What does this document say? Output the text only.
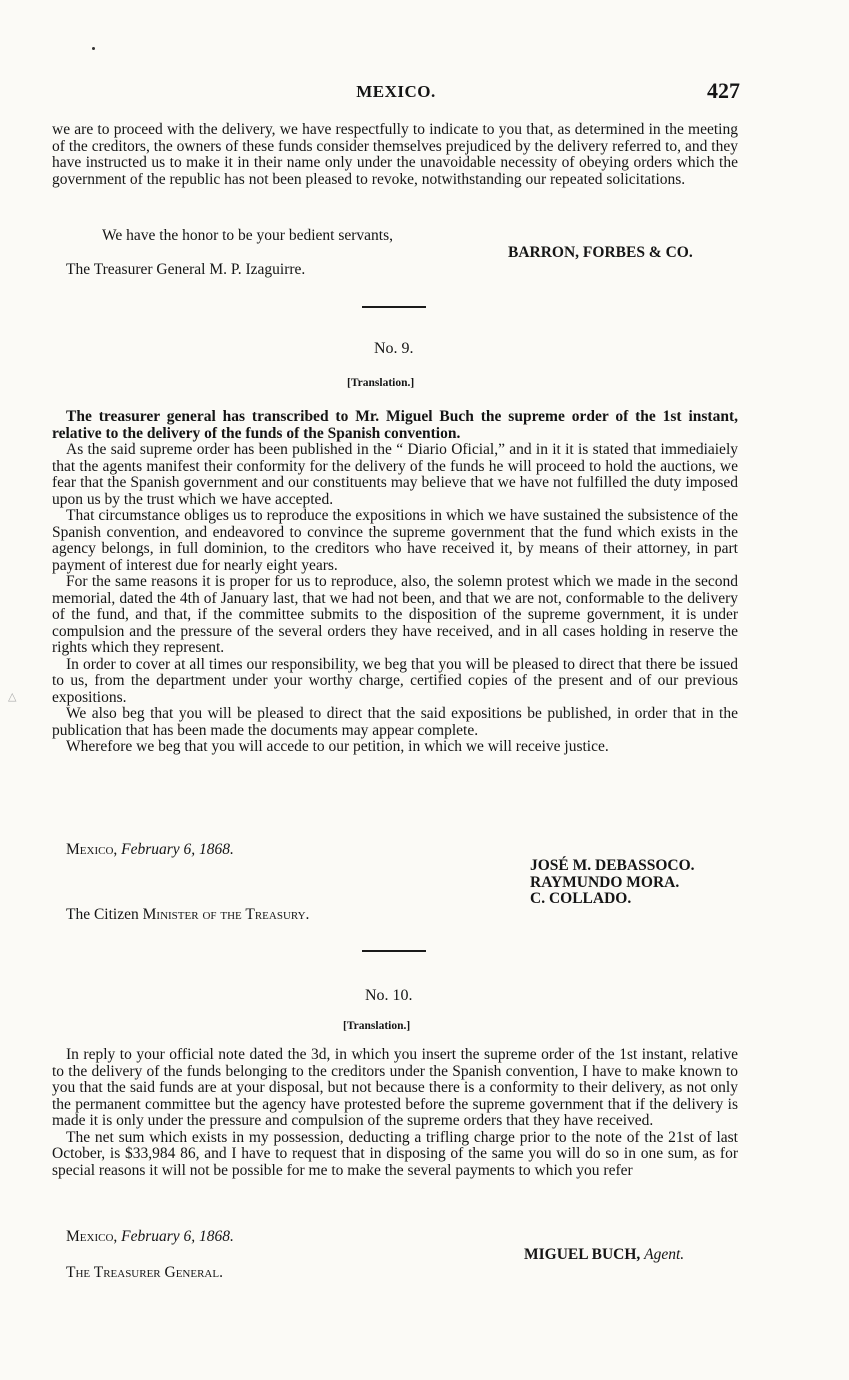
△
MEXICO.	427

we are to proceed with the delivery, we have respectfully to indicate to you that, as determined in the meeting of the creditors, the owners of these funds consider themselves prejudiced by the delivery referred to, and they have instructed us to make it in their name only under the unavoidable necessity of obeying orders which the government of the republic has not been pleased to revoke, notwithstanding our repeated solicitations.

We have the honor to be your bedient servants,
BARRON, FORBES & CO.
The Treasurer General M. P. Izaguirre.
No. 9.
[Translation.]

The treasurer general has transcribed to Mr. Miguel Buch the supreme order of the 1st instant, relative to the delivery of the funds of the Spanish convention.

As the said supreme order has been published in the “ Diario Oficial,” and in it it is stated that immediaiely that the agents manifest their conformity for the delivery of the funds he will proceed to hold the auctions, we fear that the Spanish government and our constituents may believe that we have not fulfilled the duty imposed upon us by the trust which we have accepted.

That circumstance obliges us to reproduce the expositions in which we have sustained the subsistence of the Spanish convention, and endeavored to convince the supreme government that the fund which exists in the agency belongs, in full dominion, to the creditors who have received it, by means of their attorney, in part payment of interest due for nearly eight years.

For the same reasons it is proper for us to reproduce, also, the solemn protest which we made in the second memorial, dated the 4th of January last, that we had not been, and that we are not, conformable to the delivery of the fund, and that, if the committee submits to the disposition of the supreme government, it is under compulsion and the pressure of the several orders they have received, and in all cases holding in reserve the rights which they represent.

In order to cover at all times our responsibility, we beg that you will be pleased to direct that there be issued to us, from the department under your worthy charge, certified copies of the present and of our previous expositions.

We also beg that you will be pleased to direct that the said expositions be published, in order that in the publication that has been made the documents may appear complete.

Wherefore we beg that you will accede to our petition, in which we will receive justice.

Mexico, February 6, 1868.
JOSÉ M. DEBASSOCO.
RAYMUNDO MORA.
C. COLLADO.
The Citizen Minister of the Treasury.
No. 10.
[Translation.]

In reply to your official note dated the 3d, in which you insert the supreme order of the 1st instant, relative to the delivery of the funds belonging to the creditors under the Spanish convention, I have to make known to you that the said funds are at your disposal, but not because there is a conformity to their delivery, as not only the permanent committee but the agency have protested before the supreme government that if the delivery is made it is only under the pressure and compulsion of the supreme orders that they have received.

The net sum which exists in my possession, deducting a trifling charge prior to the note of the 21st of last October, is $33,984 86, and I have to request that in disposing of the same you will do so in one sum, as for special reasons it will not be possible for me to make the several payments to which you refer

Mexico, February 6, 1868.
MIGUEL BUCH, Agent.
The Treasurer General.
